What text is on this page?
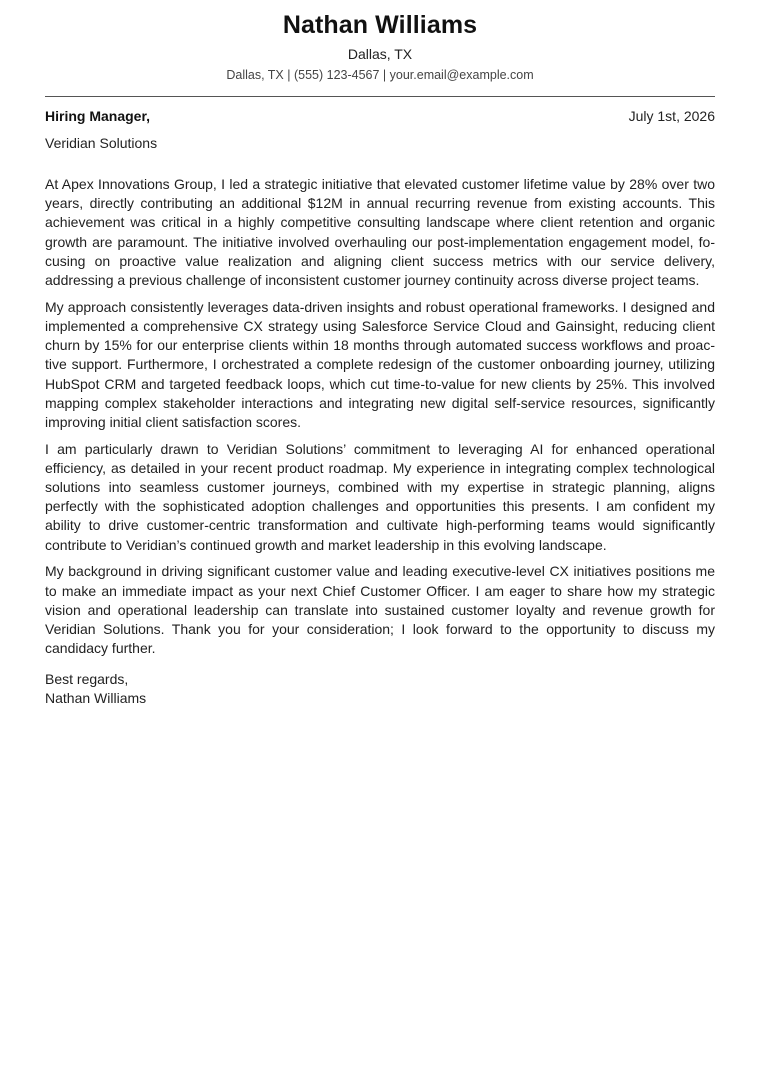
Nathan Williams
Dallas, TX
Dallas, TX | (555) 123-4567 | your.email@example.com
Hiring Manager,	July 1st, 2026
Veridian Solutions

At Apex Innovations Group, I led a strategic initiative that elevated customer lifetime value by 28% over two years, directly contributing an additional $12M in annual recurring revenue from existing accounts. This achievement was critical in a highly competitive consulting landscape where client retention and organic growth are paramount. The initiative involved overhauling our post-implementation engagement model, focusing on proactive value realization and aligning client success metrics with our service delivery, addressing a previous challenge of inconsistent customer journey continuity across diverse project teams.

My approach consistently leverages data-driven insights and robust operational frameworks. I designed and implemented a comprehensive CX strategy using Salesforce Service Cloud and Gainsight, reducing client churn by 15% for our enterprise clients within 18 months through automated success workflows and proactive support. Furthermore, I orchestrated a complete redesign of the customer onboarding journey, utilizing HubSpot CRM and targeted feedback loops, which cut time-to-value for new clients by 25%. This involved mapping complex stakeholder interactions and integrating new digital self-service resources, significantly improving initial client satisfaction scores.

I am particularly drawn to Veridian Solutions’ commitment to leveraging AI for enhanced operational efficiency, as detailed in your recent product roadmap. My experience in integrating complex technological solutions into seamless customer journeys, combined with my expertise in strategic planning, aligns perfectly with the sophisticated adoption challenges and opportunities this presents. I am confident my ability to drive customer-centric transformation and cultivate high-performing teams would significantly contribute to Veridian’s continued growth and market leadership in this evolving landscape.

My background in driving significant customer value and leading executive-level CX initiatives positions me to make an immediate impact as your next Chief Customer Officer. I am eager to share how my strategic vision and operational leadership can translate into sustained customer loyalty and revenue growth for Veridian Solutions. Thank you for your consideration; I look forward to the opportunity to discuss my candidacy further.

Best regards,
Nathan Williams
